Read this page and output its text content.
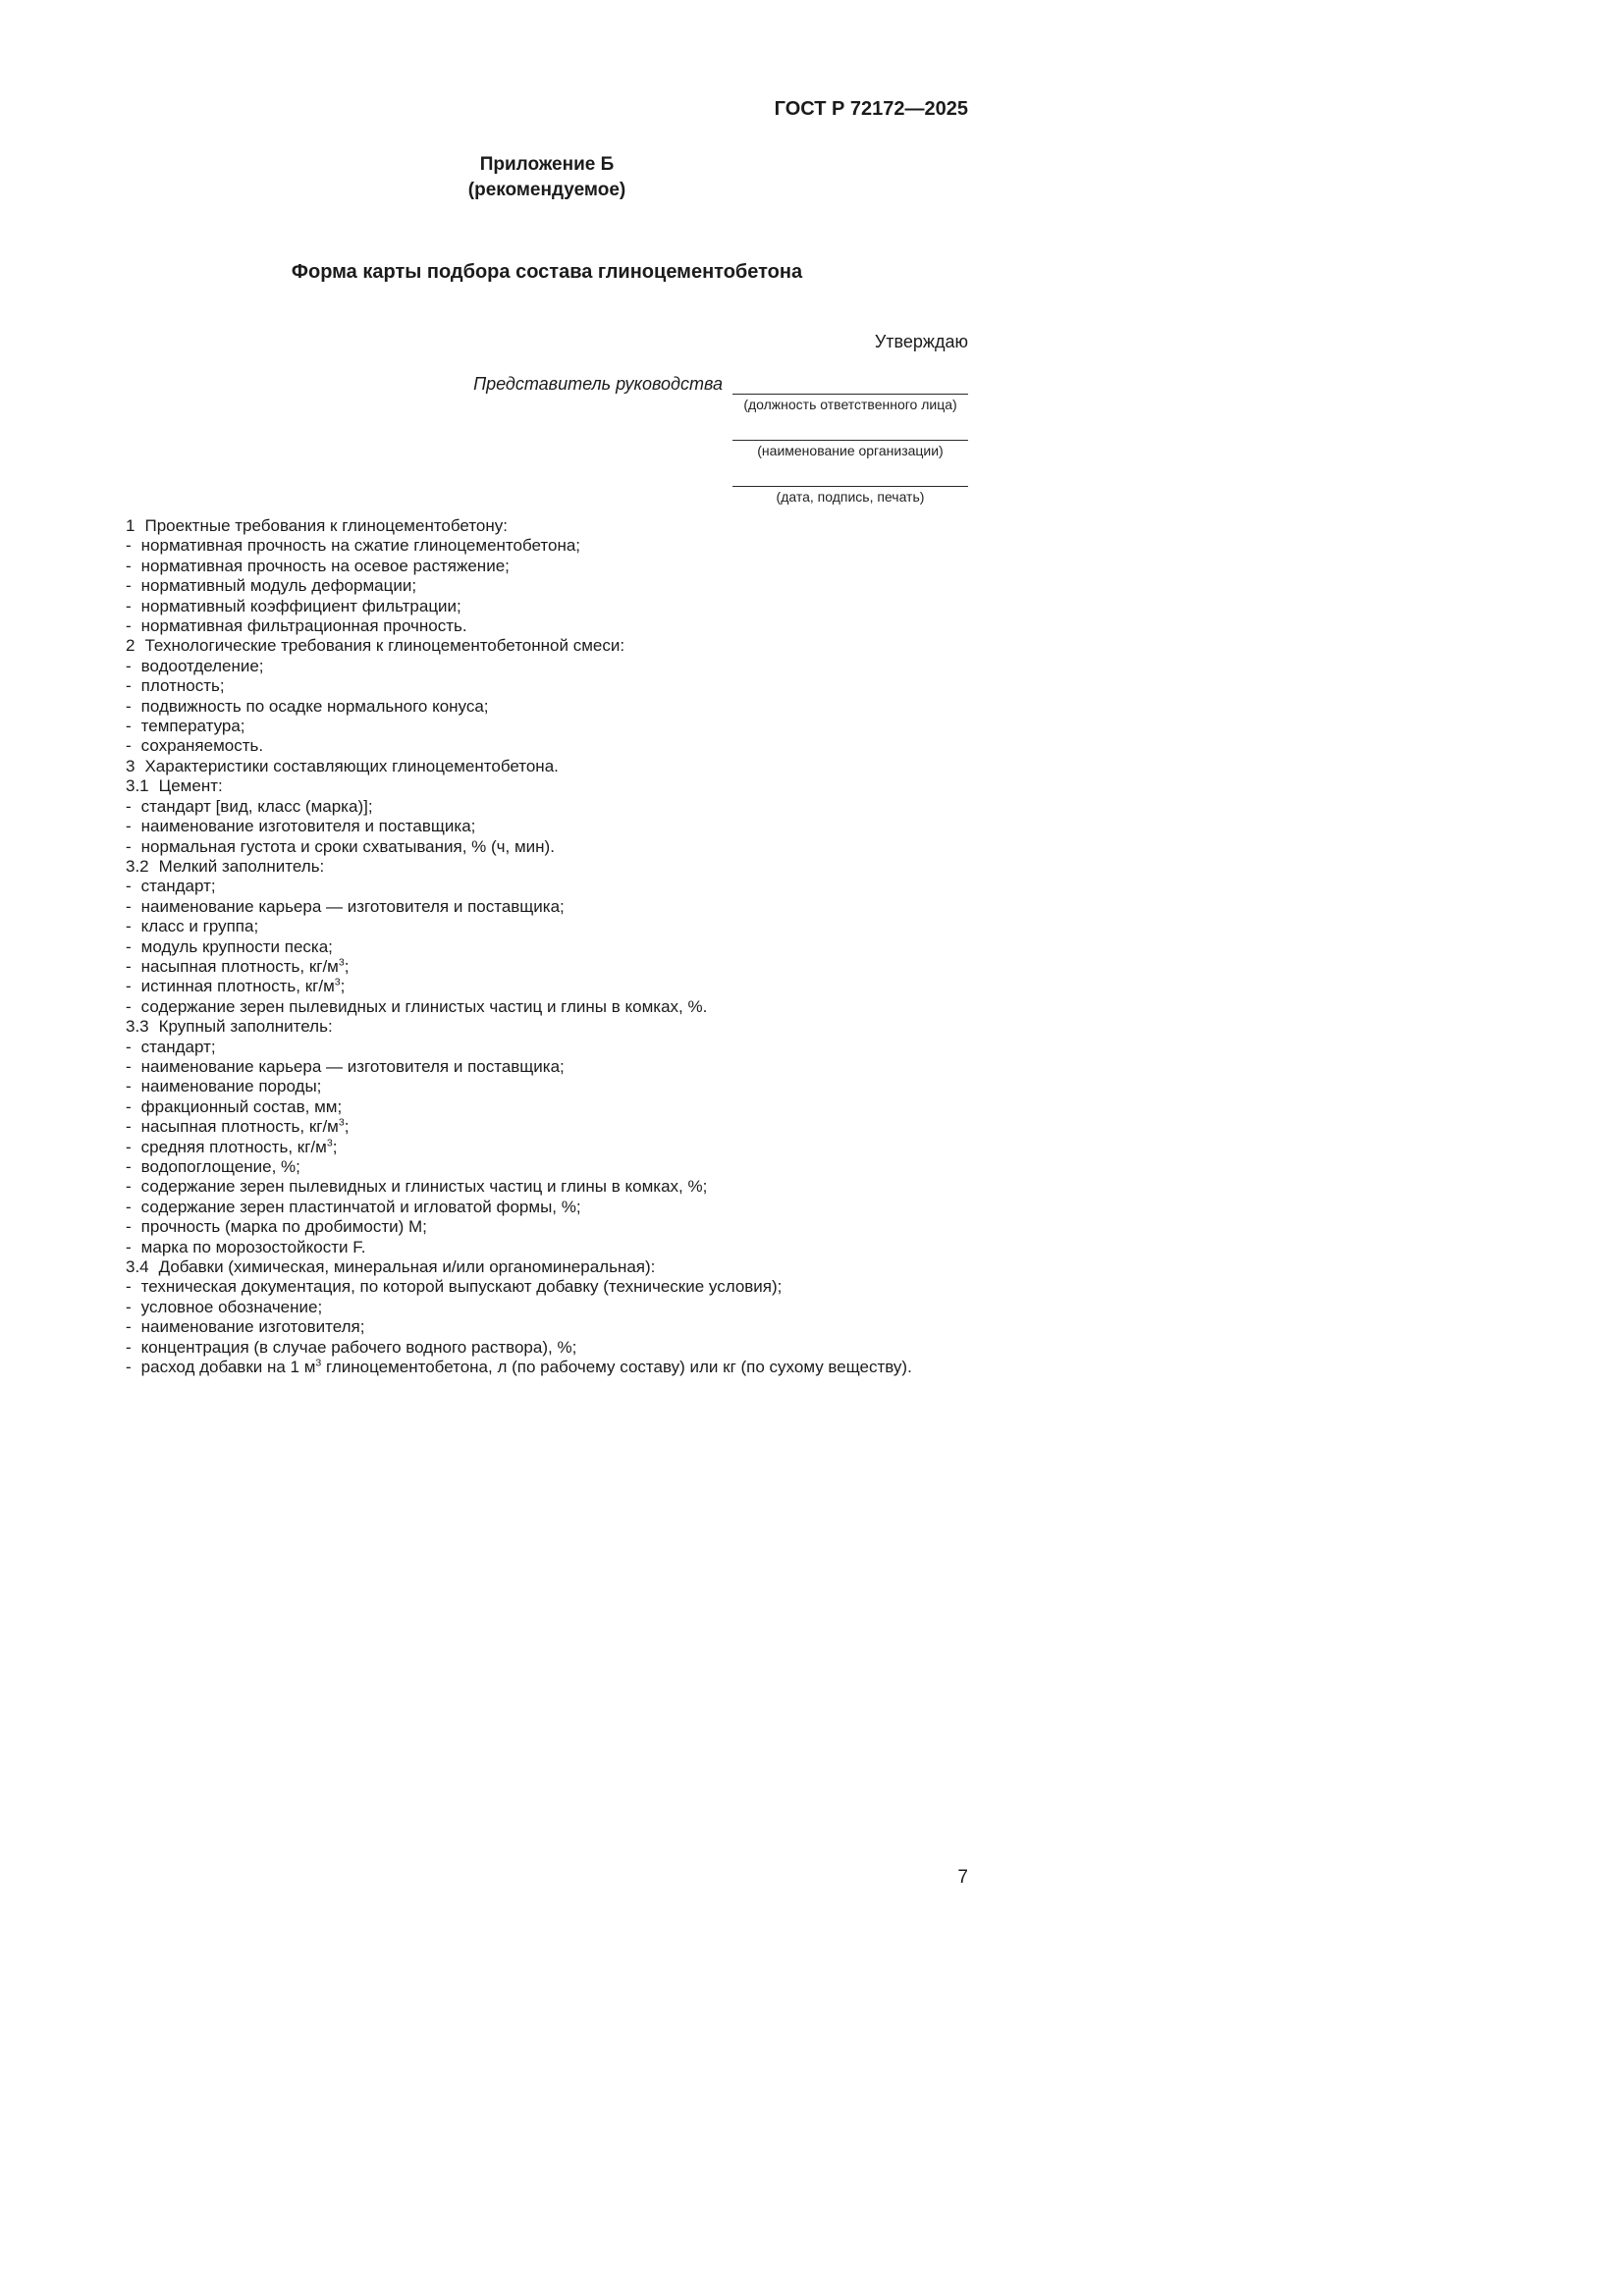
ГОСТ Р 72172—2025
Приложение Б
(рекомендуемое)
Форма карты подбора состава глиноцементобетона
Утверждаю
Представитель руководства
(должность ответственного лица)
(наименование организации)
(дата, подпись, печать)
1 Проектные требования к глиноцементобетону:
- нормативная прочность на сжатие глиноцементобетона;
- нормативная прочность на осевое растяжение;
- нормативный модуль деформации;
- нормативный коэффициент фильтрации;
- нормативная фильтрационная прочность.
2 Технологические требования к глиноцементобетонной смеси:
- водоотделение;
- плотность;
- подвижность по осадке нормального конуса;
- температура;
- сохраняемость.
3 Характеристики составляющих глиноцементобетона.
3.1 Цемент:
- стандарт [вид, класс (марка)];
- наименование изготовителя и поставщика;
- нормальная густота и сроки схватывания, % (ч, мин).
3.2 Мелкий заполнитель:
- стандарт;
- наименование карьера — изготовителя и поставщика;
- класс и группа;
- модуль крупности песка;
- насыпная плотность, $кг/м^3$;
- истинная плотность, $кг/м^3$;
- содержание зерен пылевидных и глинистых частиц и глины в комках, %.
3.3 Крупный заполнитель:
- стандарт;
- наименование карьера — изготовителя и поставщика;
- наименование породы;
- фракционный состав, мм;
- насыпная плотность, $кг/м^3$;
- средняя плотность, $кг/м^3$;
- водопоглощение, %;
- содержание зерен пылевидных и глинистых частиц и глины в комках, %;
- содержание зерен пластинчатой и игловатой формы, %;
- прочность (марка по дробимости) М;
- марка по морозостойкости F.
3.4 Добавки (химическая, минеральная и/или органоминеральная):
- техническая документация, по которой выпускают добавку (технические условия);
- условное обозначение;
- наименование изготовителя;
- концентрация (в случае рабочего водного раствора), %;
- расход добавки на 1 $м^3$ глиноцементобетона, л (по рабочему составу) или кг (по сухому веществу).
7
